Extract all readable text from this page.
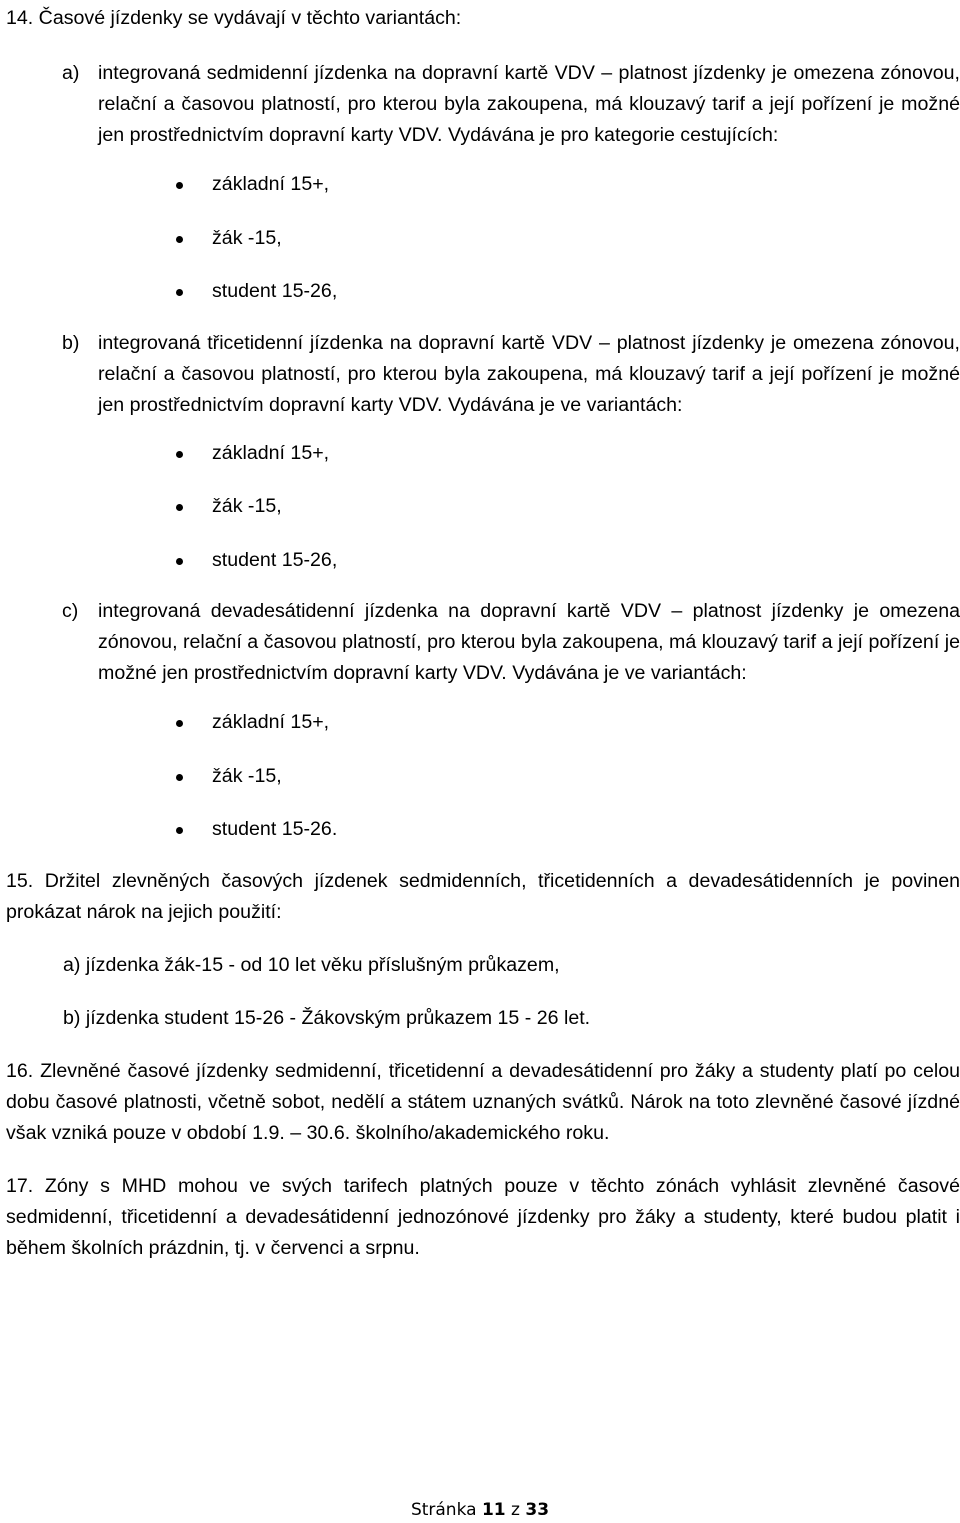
14. Časové jízdenky se vydávají v těchto variantách:

a) integrovaná sedmidenní jízdenka na dopravní kartě VDV – platnost jízdenky je omezena zónovou, relační a časovou platností, pro kterou byla zakoupena, má klouzavý tarif a její pořízení je možné jen prostřednictvím dopravní karty VDV. Vydávána je pro kategorie cestujících:
základní 15+,
žák -15,
student 15-26,
b) integrovaná třicetidenní jízdenka na dopravní kartě VDV – platnost jízdenky je omezena zónovou, relační a časovou platností, pro kterou byla zakoupena, má klouzavý tarif a její pořízení je možné jen prostřednictvím dopravní karty VDV. Vydávána je ve variantách:
základní 15+,
žák -15,
student 15-26,
c) integrovaná devadesátidenní jízdenka na dopravní kartě VDV – platnost jízdenky je omezena zónovou, relační a časovou platností, pro kterou byla zakoupena, má klouzavý tarif a její pořízení je možné jen prostřednictvím dopravní karty VDV. Vydávána je ve variantách:
základní 15+,
žák -15,
student 15-26.

15. Držitel zlevněných časových jízdenek sedmidenních, třicetidenních a devadesátidenních je povinen prokázat nárok na jejich použití:

a) jízdenka žák-15 - od 10 let věku příslušným průkazem,
b) jízdenka student 15-26 - Žákovským průkazem 15 - 26 let.

16. Zlevněné časové jízdenky sedmidenní, třicetidenní a devadesátidenní pro žáky a studenty platí po celou dobu časové platnosti, včetně sobot, nedělí a státem uznaných svátků. Nárok na toto zlevněné časové jízdné však vzniká pouze v období 1.9. – 30.6. školního/akademického roku.

17. Zóny s MHD mohou ve svých tarifech platných pouze v těchto zónách vyhlásit zlevněné časové sedmidenní, třicetidenní a devadesátidenní jednozónové jízdenky pro žáky a studenty, které budou platit i během školních prázdnin, tj. v červenci a srpnu.

Stránka 11 z 33
